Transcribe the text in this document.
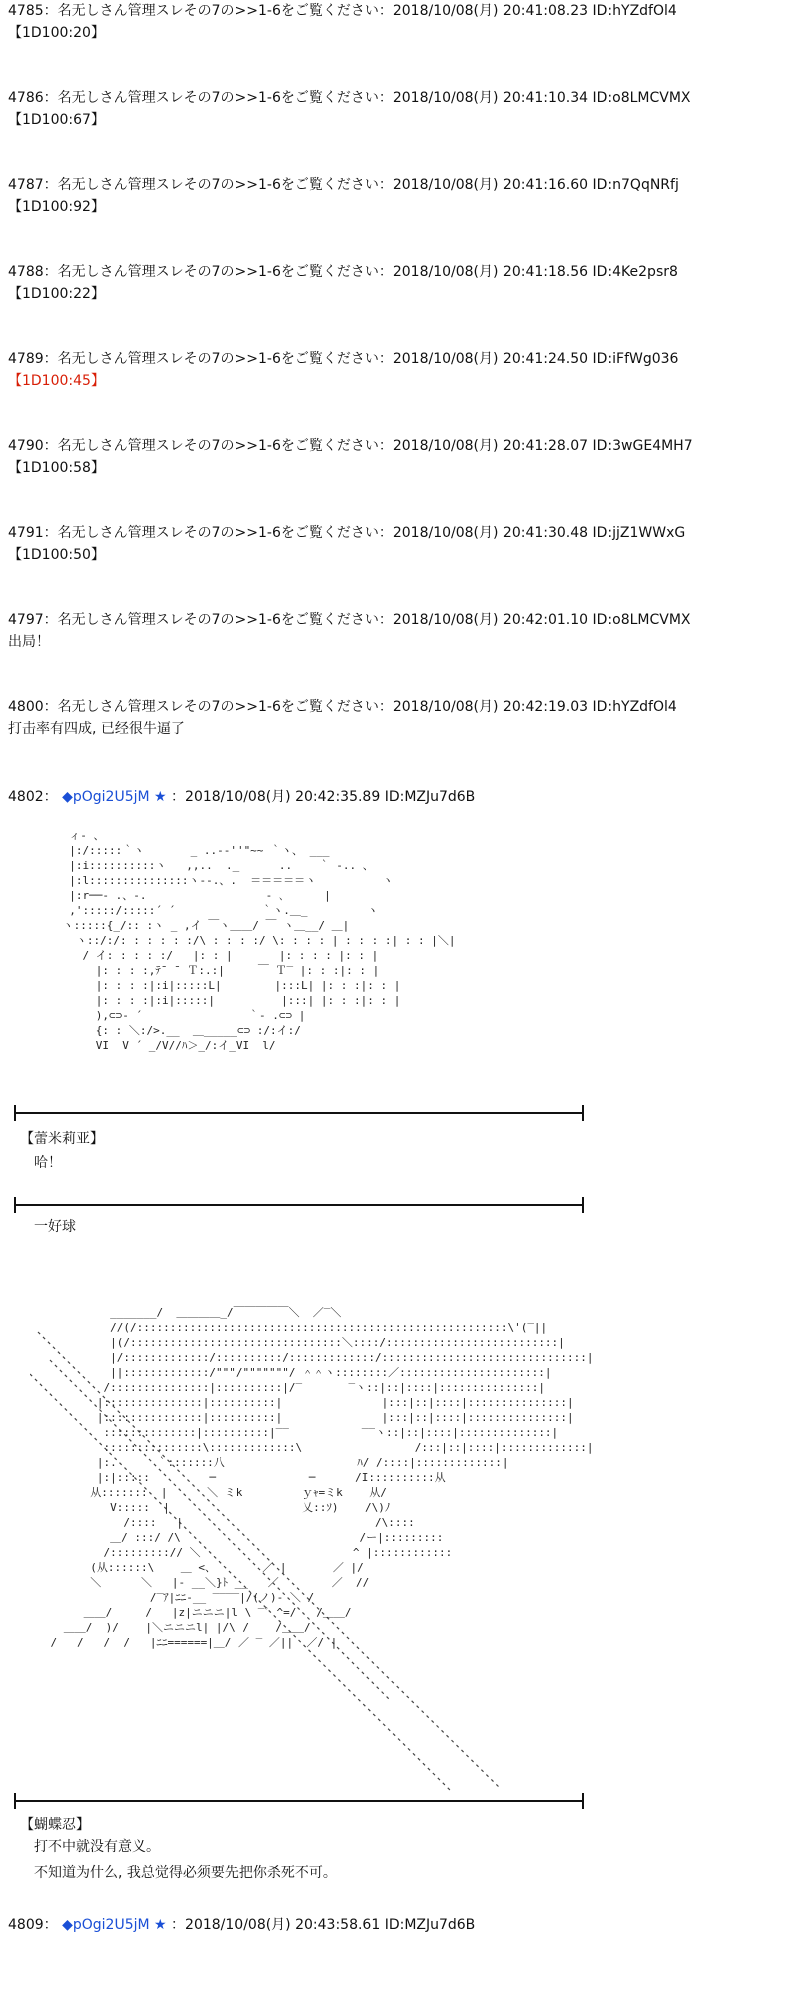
4785：名无しさん管理スレその7の>>1-6をご覧ください：2018/10/08(月) 20:41:08.23 ID:hYZdfOl4
【1D100:20】
4786：名无しさん管理スレその7の>>1-6をご覧ください：2018/10/08(月) 20:41:10.34 ID:o8LMCVMX
【1D100:67】
4787：名无しさん管理スレその7の>>1-6をご覧ください：2018/10/08(月) 20:41:16.60 ID:n7QqNRfj
【1D100:92】
4788：名无しさん管理スレその7の>>1-6をご覧ください：2018/10/08(月) 20:41:18.56 ID:4Ke2psr8
【1D100:22】
4789：名无しさん管理スレその7の>>1-6をご覧ください：2018/10/08(月) 20:41:24.50 ID:iFfWg036
【1D100:45】
4790：名无しさん管理スレその7の>>1-6をご覧ください：2018/10/08(月) 20:41:28.07 ID:3wGE4MH7
【1D100:58】
4791：名无しさん管理スレその7の>>1-6をご覧ください：2018/10/08(月) 20:41:30.48 ID:jjZ1WWxG
【1D100:50】
4797：名无しさん管理スレその7の>>1-6をご覧ください：2018/10/08(月) 20:42:01.10 ID:o8LMCVMX
出局！
4800：名无しさん管理スレその7の>>1-6をご覧ください：2018/10/08(月) 20:42:19.03 ID:hYZdfOl4
打击率有四成, 已经很牛逼了
4802： ◆pOgi2U5jM ★ ：2018/10/08(月) 20:42:35.89 ID:MZJu7d6B
ィ‐ 、
|:/:::::｀ヽ       _ ..-‐''"~~ ｀ヽ、 ___
|:i::::::::::ヽ   ,,..  ._      ..    ｀ ‐.. 、
|:l:::::::::::::::ヽ‐‐.、.  ＝＝＝＝＝ヽ          ヽ
|:r──‐ .、‐.                  ‐ ､      |
,':::::/:::::´ ´             ｀ヽ.＿_         ヽ
ヽ:::::{_/:: :ヽ _ ,イ ￣ヽ＿＿/ ￣ ヽ＿__/ ＿|
ヽ::/:/: : : : : :/\ : : : :/ \: : : : | : : : :| : : |＼|
/ イ: : : : :/   |: : |       |: : : : |: : |
|: : : :,ﾃ¯ ¯ Ｔ:.:|     ￣ Ｔ‾ |: : :|: : |
|: : : :|:i|:::::L|        |:::L| |: : :|: : |
|: : : :|:i|:::::|          |:::| |: : :|: : |
),⊂⊃‐ ´                ｀‐ .⊂⊃ |
{: : ＼:/>.__  ＿_____⊂⊃ :/:イ:/
VI  V ´ _/V//ﾊ＞_/:イ_VI  l/
【蕾米莉亚】
哈！
一好球
_______/  ＿＿＿＿_/￣￣￣￣￣＼  ／‾＼
//(/::::::::::::::::::::::::::::::::::::::::::::::::::::::::\'(‾||
|(/::::::::::::::::::::::::::::::::＼::::/::::::::::::::::::::::::::|
|/:::::::::::::/::::::::::/:::::::::::::/:::::::::::::::::::::::::::::::|
||:::::::::::::/"""/"""""""/ ＾＾ヽ::::::::／::::::::::::::::::::::|
/:::::::::::::::|::::::::::|/‾       ‾ヽ::|::|::::|:::::::::::::::|
|:::::::::::::::|::::::::::|               |:::|::|::::|:::::::::::::::|
|:::::::::::::::|::::::::::|               |:::|::|::::|:::::::::::::::|
::::::::::::::|::::::::::|‾‾           ‾‾ヽ::|::|::::|::::::::::::::|
:::::::::::::::\:::::::::::::\                 /:::|::|::::|:::::::::::::|
|:.      ｀:::::::八                    ﾊ/ /::::|:::::::::::::|
|:|:::::         ─              ─      /I::::::::::从
从:::::::  |      ＼ ミk         ｙｬ=ミk    从/
V:::::  |                    乂::ｿ)    /\)ﾉ
/::::   |                             /\::::
＿/ :::/ /\                           /ー|:::::::::
/:::::::::// ＼                       ^ |::::::::::::
(从::::::\    ＿ <、       ／ |       ／ |/
＼      ＼   |‐ __＼}ﾄ __   ／        ／  //
/‾ｱ|ﾆﾆ-__ ‾‾‾‾|/(ノ)‐ ＼ /
＿＿/     /   |z|ニニニ|l \ ‾ﾞ ^=/   /＿＿/
＿＿/  )/    |＼ニニニl| |/\ /    /＿＿/
/   /   /  /   |ﾆﾆ======|＿/ ／ ‾ ／||  ／/ |
【蝴蝶忍】
打不中就没有意义。
不知道为什么, 我总觉得必须要先把你杀死不可。
4809： ◆pOgi2U5jM ★ ：2018/10/08(月) 20:43:58.61 ID:MZJu7d6B
